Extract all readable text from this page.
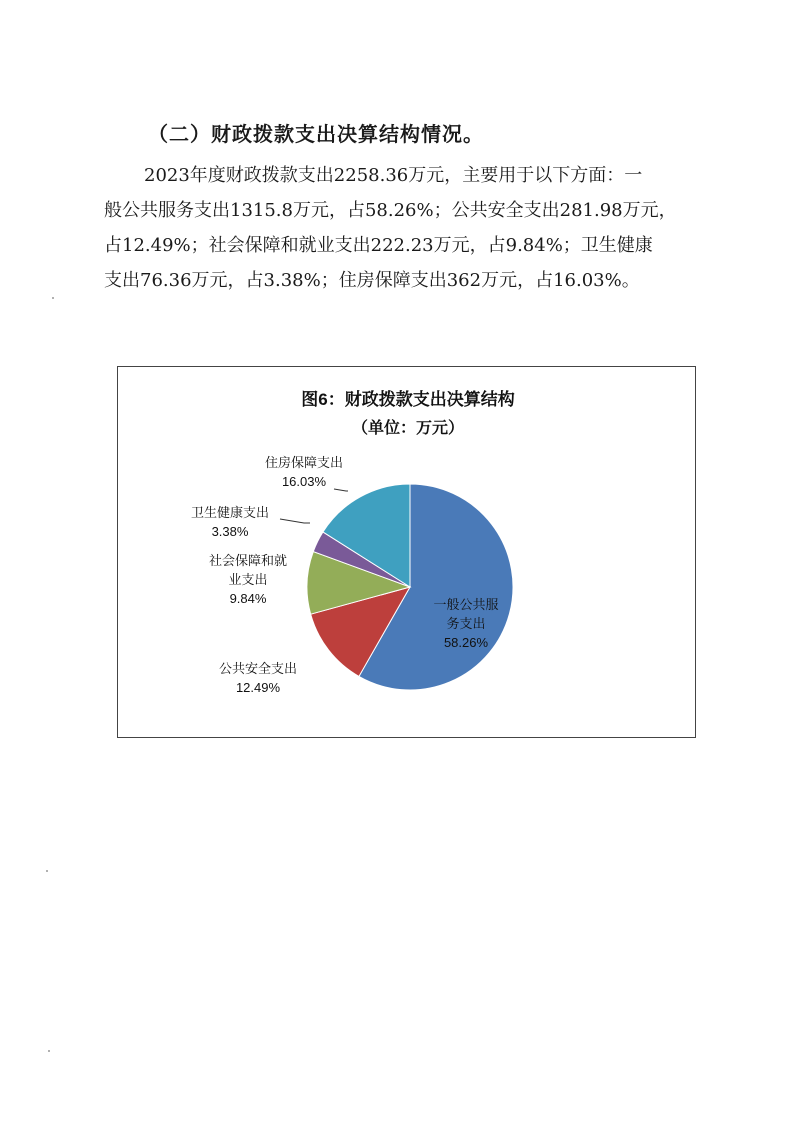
（二）财政拨款支出决算结构情况。
2023年度财政拨款支出2258.36万元，主要用于以下方面：一
般公共服务支出1315.8万元，占58.26%；公共安全支出281.98万元，
占12.49%；社会保障和就业支出222.23万元，占9.84%；卫生健康
支出76.36万元，占3.38%；住房保障支出362万元，占16.03%。
图6：财政拨款支出决算结构
（单位：万元）
一般公共服
务支出
58.26%
公共安全支出
12.49%
社会保障和就
业支出
9.84%
卫生健康支出
3.38%
住房保障支出
16.03%
